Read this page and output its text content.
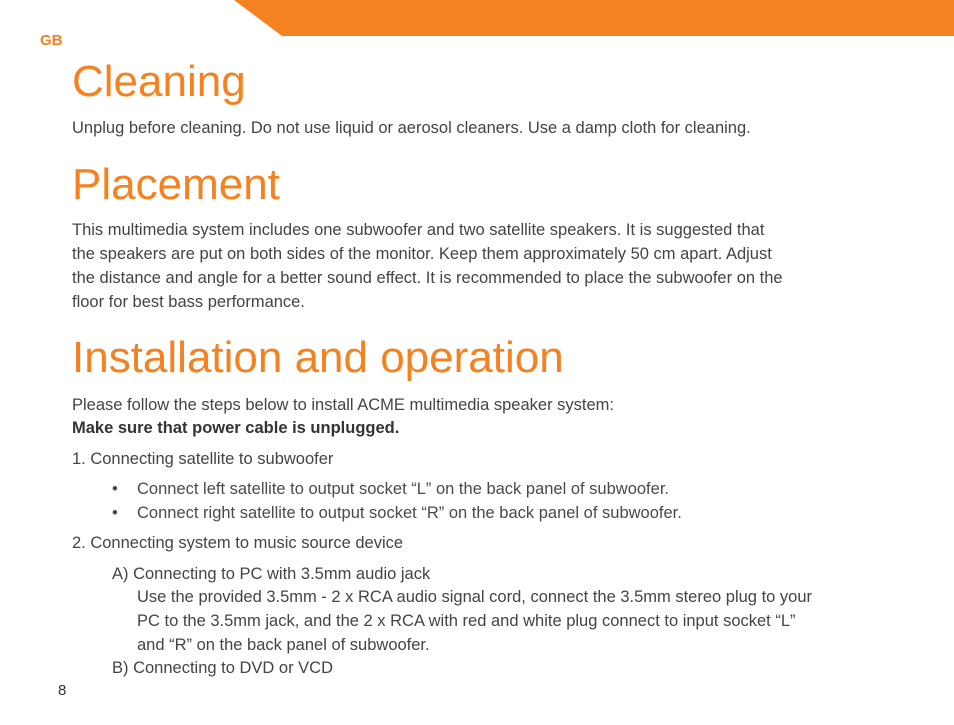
GB
Cleaning
Unplug before cleaning. Do not use liquid or aerosol cleaners. Use a damp cloth for cleaning.
Placement
This multimedia system includes one subwoofer and two satellite speakers. It is suggested that
the speakers are put on both sides of the monitor. Keep them approximately 50 cm apart. Adjust
the distance and angle for a better sound effect. It is recommended to place the subwoofer on the
floor for best bass performance.
Installation and operation
Please follow the steps below to install ACME multimedia speaker system:
Make sure that power cable is unplugged.
1. Connecting satellite to subwoofer
• Connect left satellite to output socket “L” on the back panel of subwoofer.
• Connect right satellite to output socket “R” on the back panel of subwoofer.
2. Connecting system to music source device
A) Connecting to PC with 3.5mm audio jack
Use the provided 3.5mm - 2 x RCA audio signal cord, connect the 3.5mm stereo plug to your
PC to the 3.5mm jack, and the 2 x RCA with red and white plug connect to input socket “L”
and “R” on the back panel of subwoofer.
B) Connecting to DVD or VCD
8
